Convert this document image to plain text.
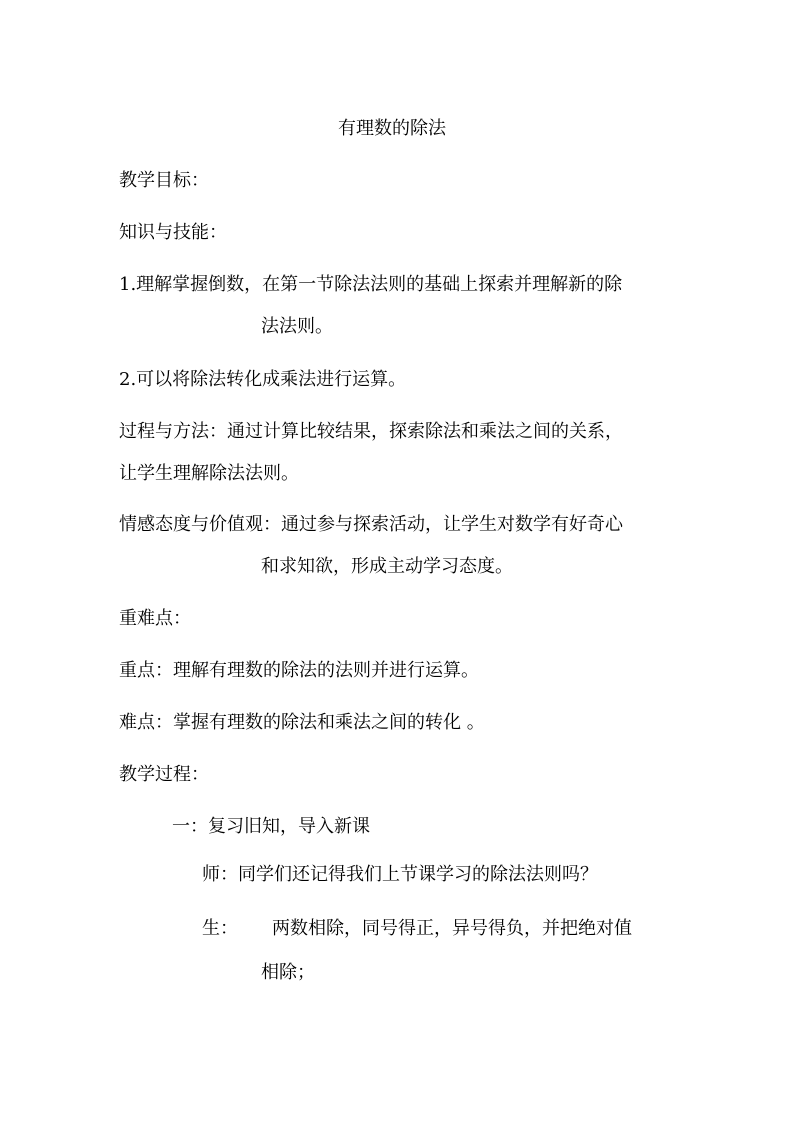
有理数的除法
教学目标：
知识与技能：
1.理解掌握倒数，在第一节除法法则的基础上探索并理解新的除
法法则。
2.可以将除法转化成乘法进行运算。
过程与方法：通过计算比较结果，探索除法和乘法之间的关系，
让学生理解除法法则。
情感态度与价值观：通过参与探索活动，让学生对数学有好奇心
和求知欲，形成主动学习态度。
重难点：
重点：理解有理数的除法的法则并进行运算。
难点：掌握有理数的除法和乘法之间的转化 。
教学过程：
一：复习旧知，导入新课
师：同学们还记得我们上节课学习的除法法则吗？
生： 两数相除，同号得正，异号得负，并把绝对值
相除；
